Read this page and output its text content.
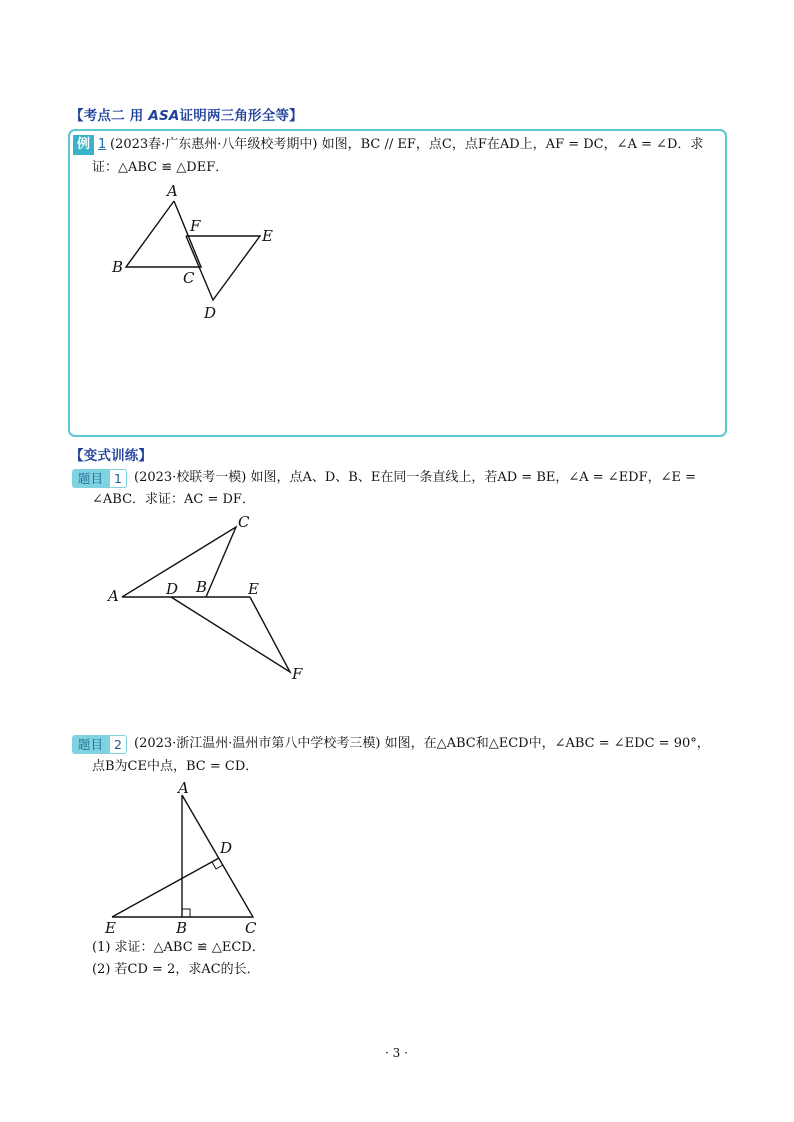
【考点二 用 ASA证明两三角形全等】
例 1 (2023春·广东惠州·八年级校考期中) 如图，BC // EF，点C，点F在AD上，AF = DC，∠A = ∠D．求
证：△ABC ≌ △DEF．
A
B
C
D
E
F
A	B
C
D	E
F
A
B	C
D
E
【变式训练】
题目 1 (2023·校联考一模) 如图，点A、D、B、E在同一条直线上，若AD = BE，∠A = ∠EDF，∠E =
∠ABC．求证：AC = DF．
题目 2 (2023·浙江温州·温州市第八中学校考三模) 如图，在△ABC和△ECD中，∠ABC = ∠EDC = 90°，
点B为CE中点，BC = CD．
(1) 求证：△ABC ≌ △ECD．
(2) 若CD = 2，求AC的长．
· 3 ·
